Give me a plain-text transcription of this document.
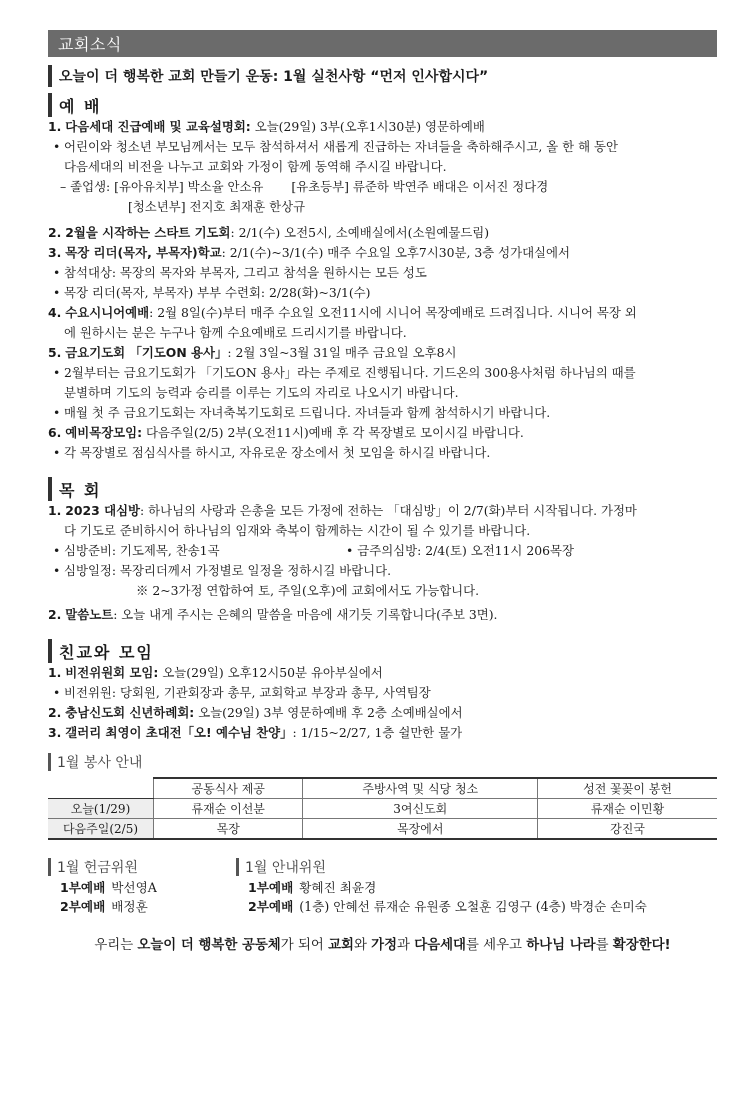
교회소식
오늘이 더 행복한 교회 만들기 운동: 1월 실천사항 “먼저 인사합시다”
예 배
1. 다음세대 진급예배 및 교육설명회: 오늘(29일) 3부(오후1시30분) 영문하예배
• 어린이와 청소년 부모님께서는 모두 참석하셔서 새롭게 진급하는 자녀들을 축하해주시고, 올 한 해 동안
다음세대의 비전을 나누고 교회와 가정이 함께 동역해 주시길 바랍니다.
– 졸업생: [유아유치부] 박소율 안소유 [유초등부] 류준하 박연주 배대은 이서진 정다경
[청소년부] 전지호 최재훈 한상규
2. 2월을 시작하는 스타트 기도회: 2/1(수) 오전5시, 소예배실에서(소원예물드림)
3. 목장 리더(목자, 부목자)학교: 2/1(수)~3/1(수) 매주 수요일 오후7시30분, 3층 성가대실에서
• 참석대상: 목장의 목자와 부목자, 그리고 참석을 원하시는 모든 성도
• 목장 리더(목자, 부목자) 부부 수련회: 2/28(화)~3/1(수)
4. 수요시니어예배: 2월 8일(수)부터 매주 수요일 오전11시에 시니어 목장예배로 드려집니다. 시니어 목장 외
에 원하시는 분은 누구나 함께 수요예배로 드리시기를 바랍니다.
5. 금요기도회 「기도ON 용사」: 2월 3일~3월 31일 매주 금요일 오후8시
• 2월부터는 금요기도회가 「기도ON 용사」라는 주제로 진행됩니다. 기드온의 300용사처럼 하나님의 때를
분별하며 기도의 능력과 승리를 이루는 기도의 자리로 나오시기 바랍니다.
• 매월 첫 주 금요기도회는 자녀축복기도회로 드립니다. 자녀들과 함께 참석하시기 바랍니다.
6. 예비목장모임: 다음주일(2/5) 2부(오전11시)예배 후 각 목장별로 모이시길 바랍니다.
• 각 목장별로 점심식사를 하시고, 자유로운 장소에서 첫 모임을 하시길 바랍니다.
목 회
1. 2023 대심방: 하나님의 사랑과 은총을 모든 가정에 전하는 「대심방」이 2/7(화)부터 시작됩니다. 가정마
다 기도로 준비하시어 하나님의 임재와 축복이 함께하는 시간이 될 수 있기를 바랍니다.
• 심방준비: 기도제목, 찬송1곡	• 금주의심방: 2/4(토) 오전11시 206목장
• 심방일정: 목장리더께서 가정별로 일정을 정하시길 바랍니다.
※ 2~3가정 연합하여 토, 주일(오후)에 교회에서도 가능합니다.
2. 말씀노트: 오늘 내게 주시는 은혜의 말씀을 마음에 새기듯 기록합니다(주보 3면).
친교와 모임
1. 비전위원회 모임: 오늘(29일) 오후12시50분 유아부실에서
• 비전위원: 당회원, 기관회장과 총무, 교회학교 부장과 총무, 사역팀장
2. 충남신도회 신년하례회: 오늘(29일) 3부 영문하예배 후 2층 소예배실에서
3. 갤러리 최영이 초대전「오! 예수님 찬양」: 1/15~2/27, 1층 쉴만한 물가
1월 봉사 안내
	공동식사 제공	주방사역 및 식당 청소	성전 꽃꽂이 봉헌
오늘(1/29)	류재순 이선분	3여신도회	류재순 이민황
다음주일(2/5)	목장	목장에서	강진국
1월 헌금위원
1부예배 박선영A
2부예배 배정훈
1월 안내위원
1부예배 황혜진 최윤경
2부예배 (1층) 안혜선 류재순 유원종 오철훈 김영구 (4층) 박경순 손미숙
우리는 오늘이 더 행복한 공동체가 되어 교회와 가정과 다음세대를 세우고 하나님 나라를 확장한다!
